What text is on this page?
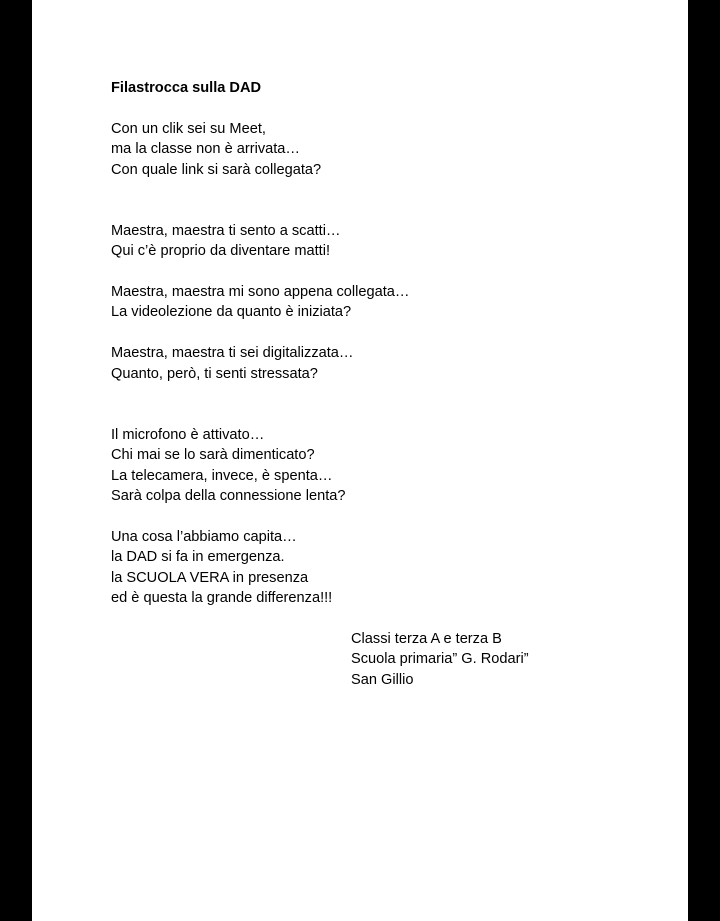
Filastrocca sulla DAD
Con un clik sei su Meet,
ma la classe non è arrivata…
Con quale link si sarà collegata?
Maestra, maestra ti sento a scatti…
Qui c’è proprio da diventare matti!
Maestra, maestra mi sono appena collegata…
La videolezione da quanto è iniziata?
Maestra, maestra ti sei digitalizzata…
Quanto, però, ti senti stressata?
Il microfono è attivato…
Chi mai se lo sarà dimenticato?
La telecamera, invece, è spenta…
Sarà colpa della connessione lenta?
Una cosa l’abbiamo capita…
la DAD si fa in emergenza.
la SCUOLA VERA in presenza
ed è questa la grande differenza!!!
Classi terza A e terza B
Scuola primaria” G. Rodari”
San Gillio
